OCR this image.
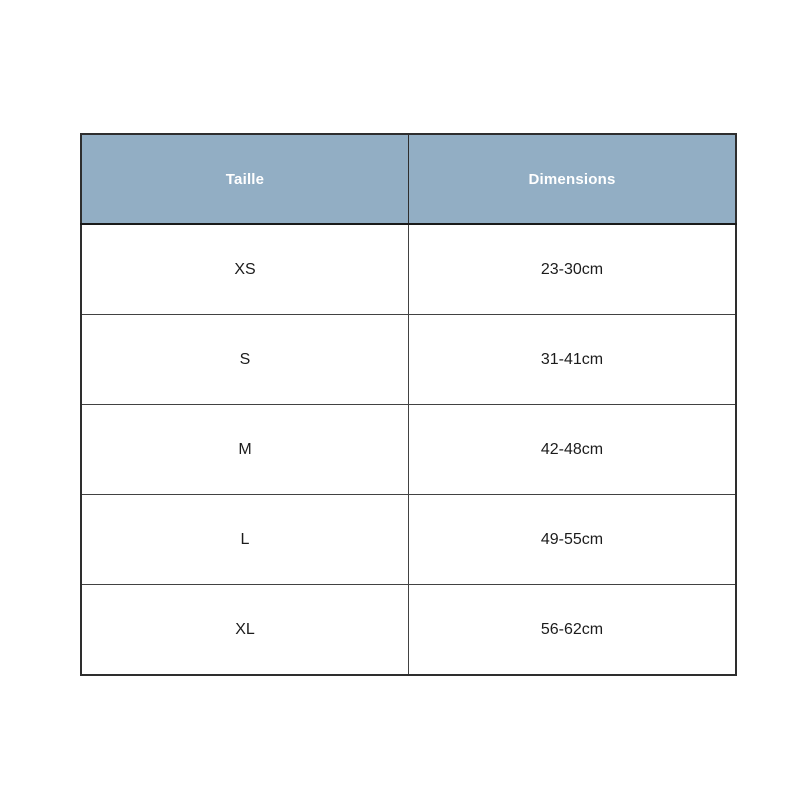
Taille	Dimensions
XS	23-30cm
S	31-41cm
M	42-48cm
L	49-55cm
XL	56-62cm
